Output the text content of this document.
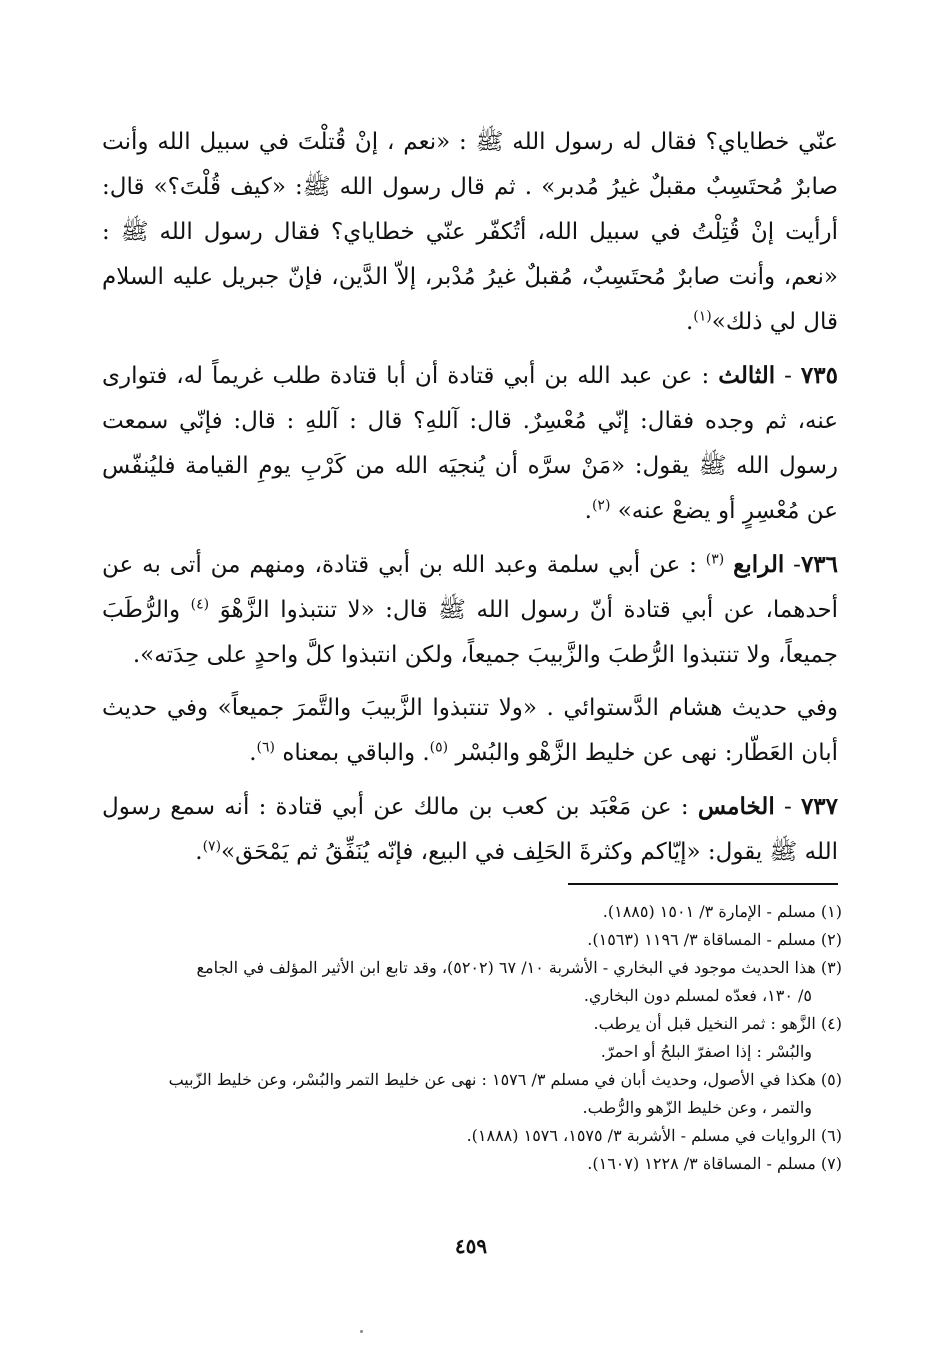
عنّي خطاياي؟ فقال له رسول الله ﷺ : «نعم ، إنْ قُتلْتَ في سبيل الله وأنت صابرٌ مُحتَسِبٌ مقبلٌ غيرُ مُدبر» . ثم قال رسول الله ﷺ: «كيف قُلْتَ؟» قال: أرأيت إنْ قُتِلْتُ في سبيل الله، أتُكفّر عنّي خطاياي؟ فقال رسول الله ﷺ : «نعم، وأنت صابرٌ مُحتَسِبٌ، مُقبلٌ غيرُ مُدْبر، إلاّ الدَّين، فإنّ جبريل عليه السلام قال لي ذلك»$^{(١)}$.

٧٣٥ - الثالث : عن عبد الله بن أبي قتادة أن أبا قتادة طلب غريماً له، فتوارى عنه، ثم وجده فقال: إنّي مُعْسِرٌ. قال: آللهِ؟ قال : آللهِ : قال: فإنّي سمعت رسول الله ﷺ يقول: «مَنْ سرَّه أن يُنجيَه الله من كَرْبِ يومِ القيامة فليُنفّس عن مُعْسِرٍ أو يضعْ عنه» $^{(٢)}$.

٧٣٦- الرابع $^{(٣)}$ : عن أبي سلمة وعبد الله بن أبي قتادة، ومنهم من أتى به عن أحدهما، عن أبي قتادة أنّ رسول الله ﷺ قال: «لا تنتبذوا الزَّهْوَ $^{(٤)}$ والرُّطَبَ جميعاً، ولا تنتبذوا الرُّطبَ والزَّبيبَ جميعاً، ولكن انتبذوا كلَّ واحدٍ على حِدَته».

وفي حديث هشام الدَّستوائي . «ولا تنتبذوا الزَّبيبَ والتَّمرَ جميعاً» وفي حديث أبان العَطّار: نهى عن خليط الزَّهْو والبُسْر $^{(٥)}$. والباقي بمعناه $^{(٦)}$.

٧٣٧ - الخامس : عن مَعْبَد بن كعب بن مالك عن أبي قتادة : أنه سمع رسول الله ﷺ يقول: «إيّاكم وكثرةَ الحَلِف في البيع، فإنّه يُنَفِّقُ ثم يَمْحَق»$^{(٧)}$.

(١) مسلم - الإمارة ٣/ ١٥٠١ (١٨٨٥).

(٢) مسلم - المساقاة ٣/ ١١٩٦ (١٥٦٣).

(٣) هذا الحديث موجود في البخاري - الأشربة ١٠/ ٦٧ (٥٢٠٢)، وقد تابع ابن الأثير المؤلف في الجامع

٥/ ١٣٠، فعدّه لمسلم دون البخاري.

(٤) الزَّهو : ثمر النخيل قبل أن يرطب.

والبُسْر : إذا اصفرّ البلحُ أو احمرّ.

(٥) هكذا في الأصول، وحديث أبان في مسلم ٣/ ١٥٧٦ : نهى عن خليط التمر والبُسْر، وعن خليط الزّبيب

والتمر ، وعن خليط الزّهو والرُّطب.

(٦) الروايات في مسلم - الأشربة ٣/ ١٥٧٥، ١٥٧٦ (١٨٨٨).

(٧) مسلم - المساقاة ٣/ ١٢٢٨ (١٦٠٧).

٤٥٩
